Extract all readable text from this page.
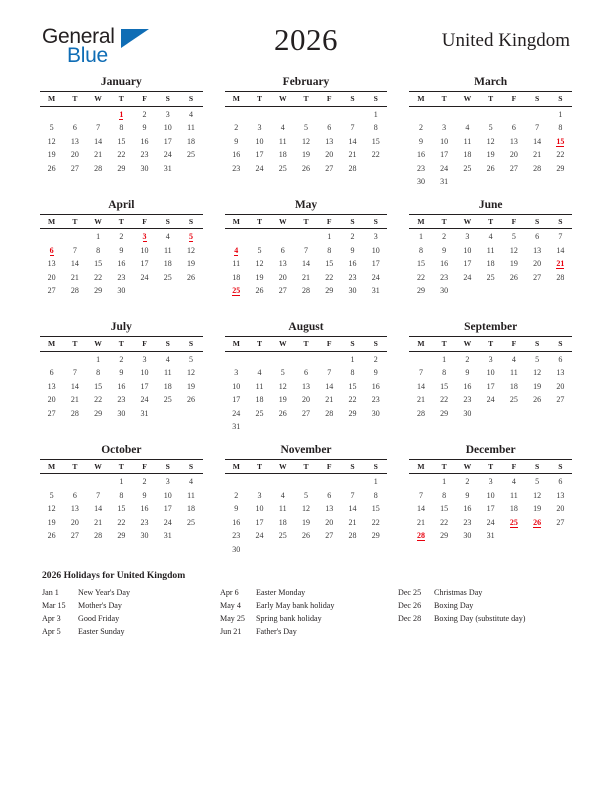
General
Blue	2026	United Kingdom
January
M	T	W	T	F	S	S
			1	2	3	4
5	6	7	8	9	10	11
12	13	14	15	16	17	18
19	20	21	22	23	24	25
26	27	28	29	30	31	

February
M	T	W	T	F	S	S
						1
2	3	4	5	6	7	8
9	10	11	12	13	14	15
16	17	18	19	20	21	22
23	24	25	26	27	28	

March
M	T	W	T	F	S	S
						1
2	3	4	5	6	7	8
9	10	11	12	13	14	15
16	17	18	19	20	21	22
23	24	25	26	27	28	29
30	31					
April
M	T	W	T	F	S	S
		1	2	3	4	5
6	7	8	9	10	11	12
13	14	15	16	17	18	19
20	21	22	23	24	25	26
27	28	29	30			

May
M	T	W	T	F	S	S
				1	2	3
4	5	6	7	8	9	10
11	12	13	14	15	16	17
18	19	20	21	22	23	24
25	26	27	28	29	30	31

June
M	T	W	T	F	S	S
1	2	3	4	5	6	7
8	9	10	11	12	13	14
15	16	17	18	19	20	21
22	23	24	25	26	27	28
29	30					

July
M	T	W	T	F	S	S
		1	2	3	4	5
6	7	8	9	10	11	12
13	14	15	16	17	18	19
20	21	22	23	24	25	26
27	28	29	30	31		

August
M	T	W	T	F	S	S
					1	2
3	4	5	6	7	8	9
10	11	12	13	14	15	16
17	18	19	20	21	22	23
24	25	26	27	28	29	30
31						
September
M	T	W	T	F	S	S
	1	2	3	4	5	6
7	8	9	10	11	12	13
14	15	16	17	18	19	20
21	22	23	24	25	26	27
28	29	30				

October
M	T	W	T	F	S	S
			1	2	3	4
5	6	7	8	9	10	11
12	13	14	15	16	17	18
19	20	21	22	23	24	25
26	27	28	29	30	31	

November
M	T	W	T	F	S	S
						1
2	3	4	5	6	7	8
9	10	11	12	13	14	15
16	17	18	19	20	21	22
23	24	25	26	27	28	29
30						
December
M	T	W	T	F	S	S
	1	2	3	4	5	6
7	8	9	10	11	12	13
14	15	16	17	18	19	20
21	22	23	24	25	26	27
28	29	30	31			

2026 Holidays for United Kingdom
Jan 1	New Year's Day
Mar 15	Mother's Day
Apr 3	Good Friday
Apr 5	Easter Sunday
Apr 6	Easter Monday
May 4	Early May bank holiday
May 25	Spring bank holiday
Jun 21	Father's Day
Dec 25	Christmas Day
Dec 26	Boxing Day
Dec 28	Boxing Day (substitute day)
